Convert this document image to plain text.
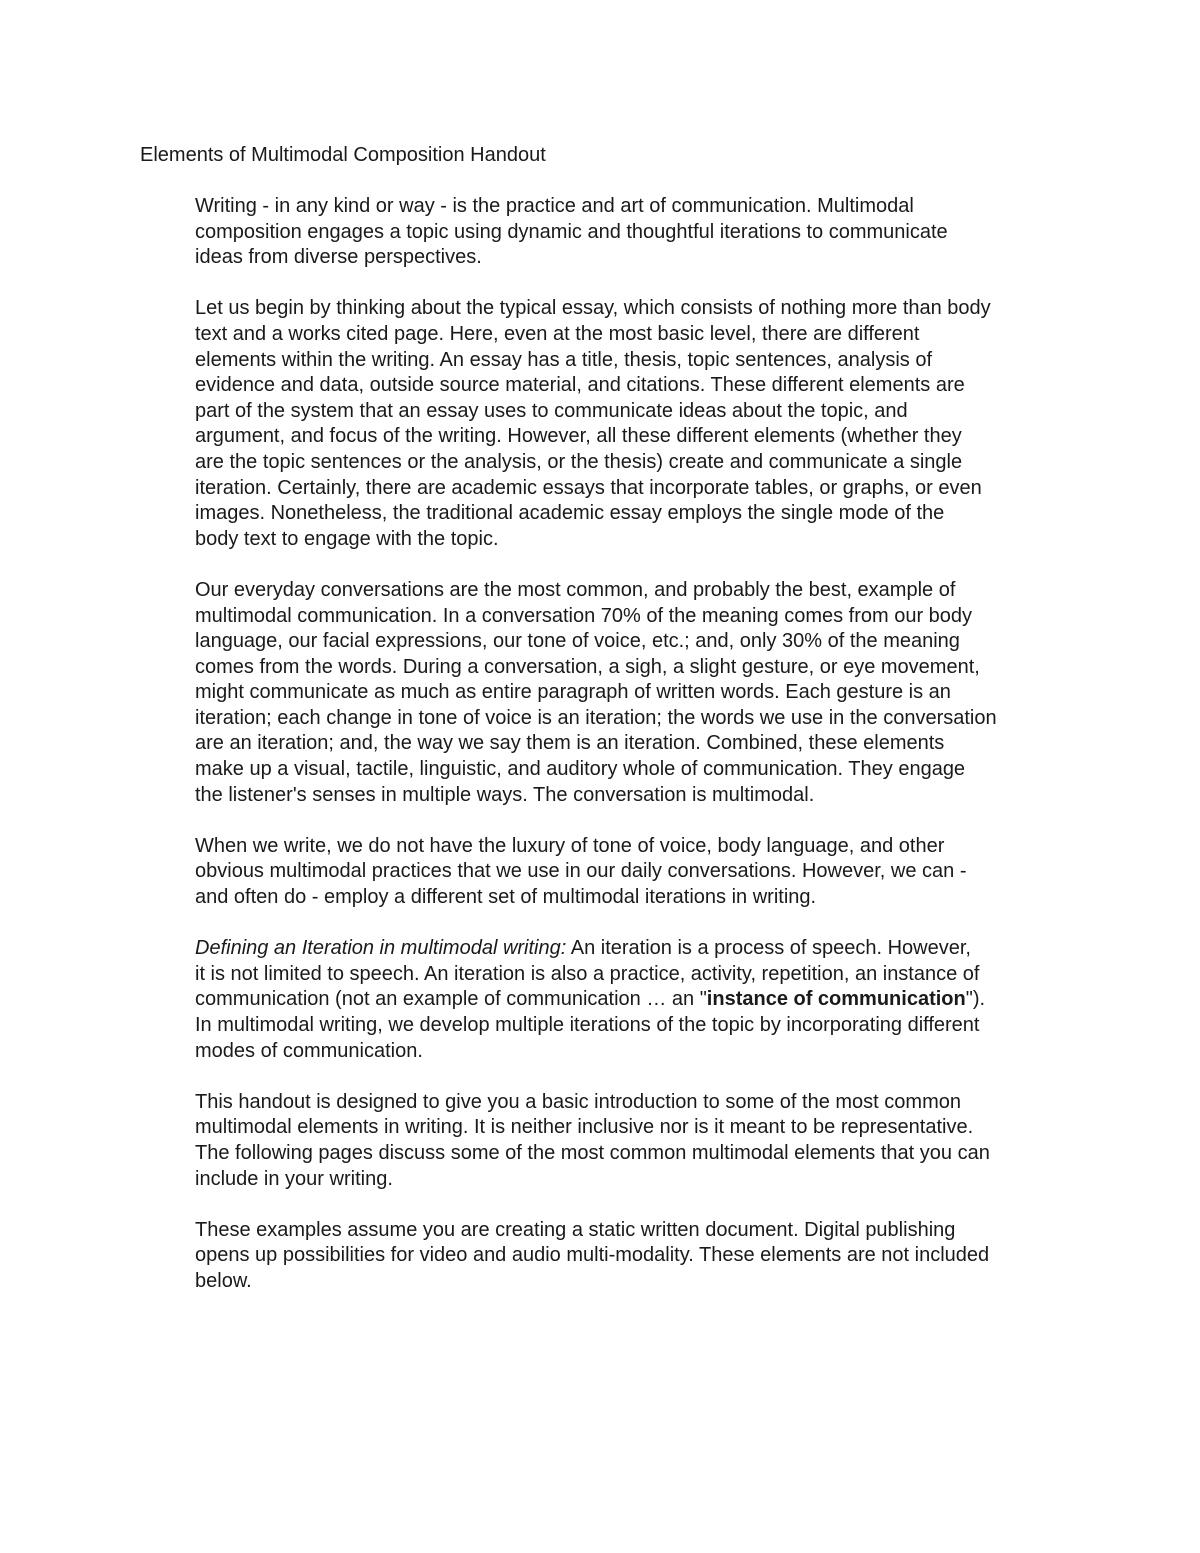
Elements of Multimodal Composition Handout

Writing - in any kind or way - is the practice and art of communication. Multimodal
composition engages a topic using dynamic and thoughtful iterations to communicate
ideas from diverse perspectives.

Let us begin by thinking about the typical essay, which consists of nothing more than body
text and a works cited page. Here, even at the most basic level, there are different
elements within the writing. An essay has a title, thesis, topic sentences, analysis of
evidence and data, outside source material, and citations. These different elements are
part of the system that an essay uses to communicate ideas about the topic, and
argument, and focus of the writing. However, all these different elements (whether they
are the topic sentences or the analysis, or the thesis) create and communicate a single
iteration. Certainly, there are academic essays that incorporate tables, or graphs, or even
images. Nonetheless, the traditional academic essay employs the single mode of the
body text to engage with the topic.

Our everyday conversations are the most common, and probably the best, example of
multimodal communication. In a conversation 70% of the meaning comes from our body
language, our facial expressions, our tone of voice, etc.; and, only 30% of the meaning
comes from the words. During a conversation, a sigh, a slight gesture, or eye movement,
might communicate as much as entire paragraph of written words. Each gesture is an
iteration; each change in tone of voice is an iteration; the words we use in the conversation
are an iteration; and, the way we say them is an iteration. Combined, these elements
make up a visual, tactile, linguistic, and auditory whole of communication. They engage
the listener's senses in multiple ways. The conversation is multimodal.

When we write, we do not have the luxury of tone of voice, body language, and other
obvious multimodal practices that we use in our daily conversations. However, we can -
and often do - employ a different set of multimodal iterations in writing.

Defining an Iteration in multimodal writing: An iteration is a process of speech. However,
it is not limited to speech. An iteration is also a practice, activity, repetition, an instance of
communication (not an example of communication … an "instance of communication").
In multimodal writing, we develop multiple iterations of the topic by incorporating different
modes of communication.

This handout is designed to give you a basic introduction to some of the most common
multimodal elements in writing. It is neither inclusive nor is it meant to be representative.
The following pages discuss some of the most common multimodal elements that you can
include in your writing.

These examples assume you are creating a static written document. Digital publishing
opens up possibilities for video and audio multi-modality. These elements are not included
below.
